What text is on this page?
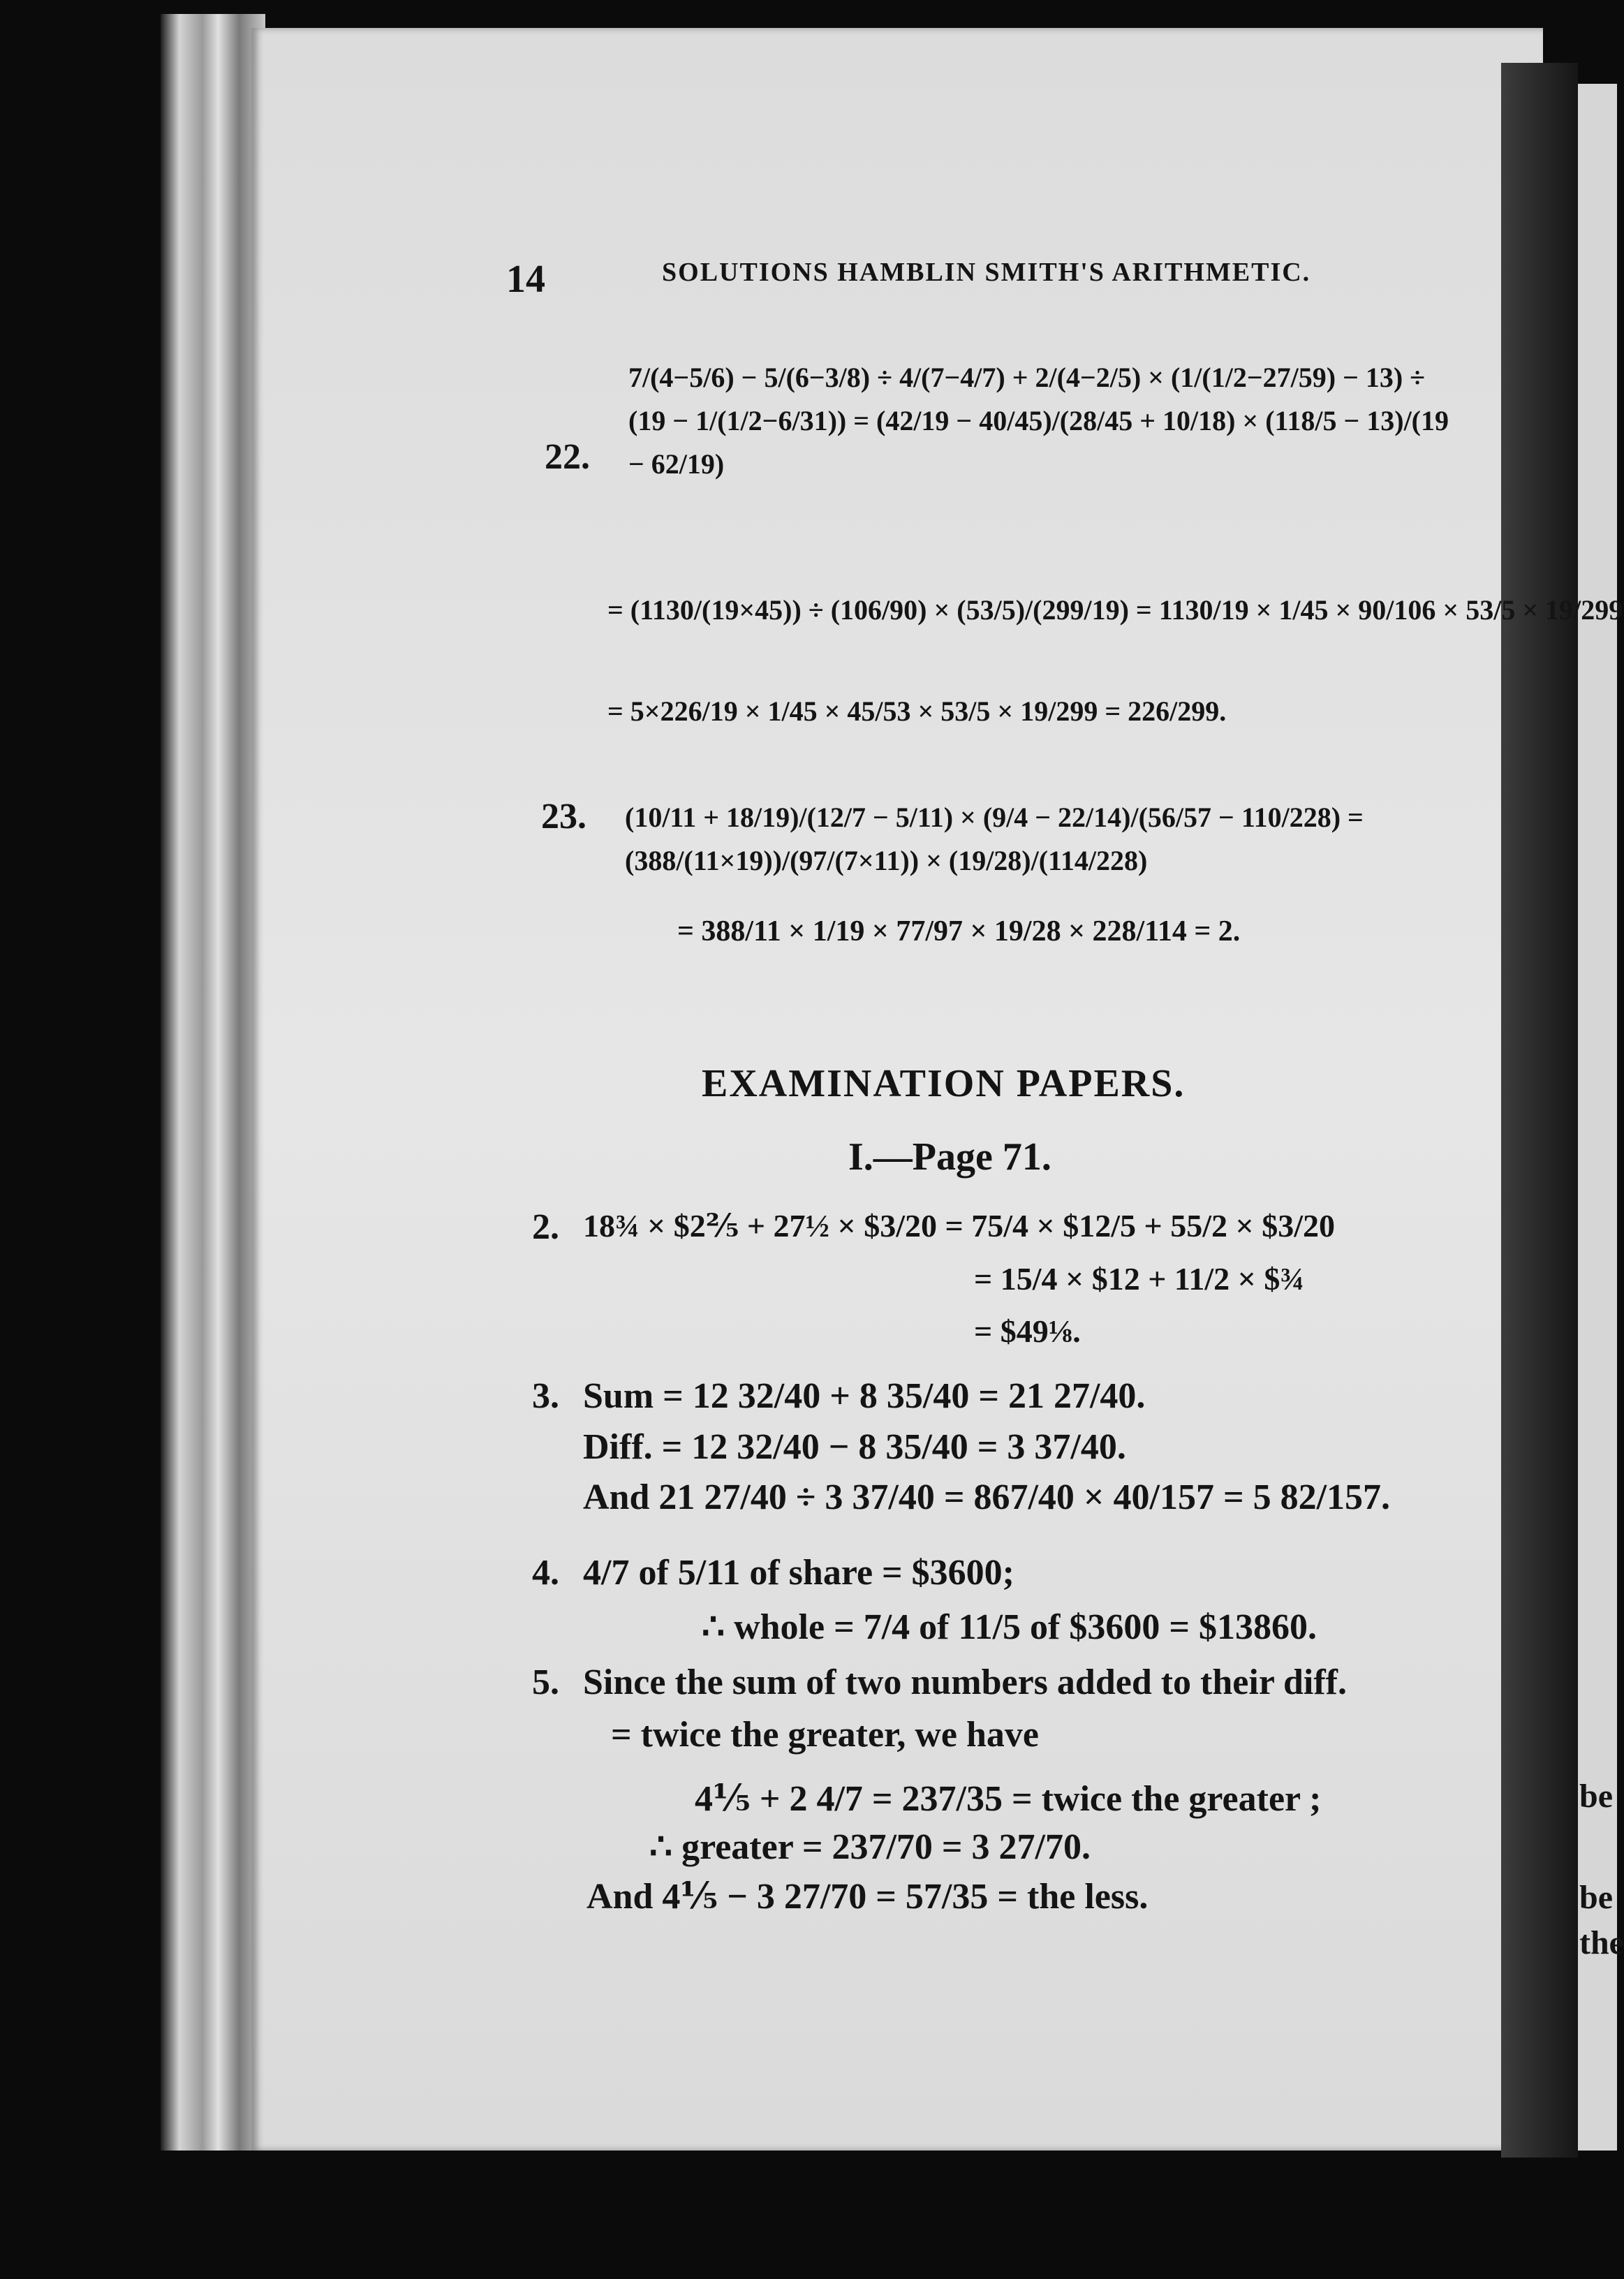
be
be
the
14	SOLUTIONS HAMBLIN SMITH'S ARITHMETIC.
22.
7/(4−5/6) − 5/(6−3/8) ÷ 4/(7−4/7) + 2/(4−2/5) × (1/(1/2−27/59) − 13) ÷ (19 − 1/(1/2−6/31)) = (42/19 − 40/45)/(28/45 + 10/18) × (118/5 − 13)/(19 − 62/19)
= (1130/(19×45)) ÷ (106/90) × (53/5)/(299/19) = 1130/19 × 1/45 × 90/106 × 53/5 × 19/299
= 5×226/19 × 1/45 × 45/53 × 53/5 × 19/299 = 226/299.
23. (10/11 + 18/19)/(12/7 − 5/11) × (9/4 − 22/14)/(56/57 − 110/228) = (388/(11×19))/(97/(7×11)) × (19/28)/(114/228)
= 388/11 × 1/19 × 77/97 × 19/28 × 228/114 = 2.
EXAMINATION PAPERS.
I.—Page 71.
2. 18¾ × $2⅖ + 27½ × $3/20 = 75/4 × $12/5 + 55/2 × $3/20
= 15/4 × $12 + 11/2 × $¾
= $49⅛.
3. Sum = 12 32/40 + 8 35/40 = 21 27/40.
Diff. = 12 32/40 − 8 35/40 = 3 37/40.
And 21 27/40 ÷ 3 37/40 = 867/40 × 40/157 = 5 82/157.
4. 4/7 of 5/11 of share = $3600;
∴ whole = 7/4 of 11/5 of $3600 = $13860.
5. Since the sum of two numbers added to their diff.
= twice the greater, we have
4⅕ + 2 4/7 = 237/35 = twice the greater ;
∴ greater = 237/70 = 3 27/70.
And 4⅕ − 3 27/70 = 57/35 = the less.
